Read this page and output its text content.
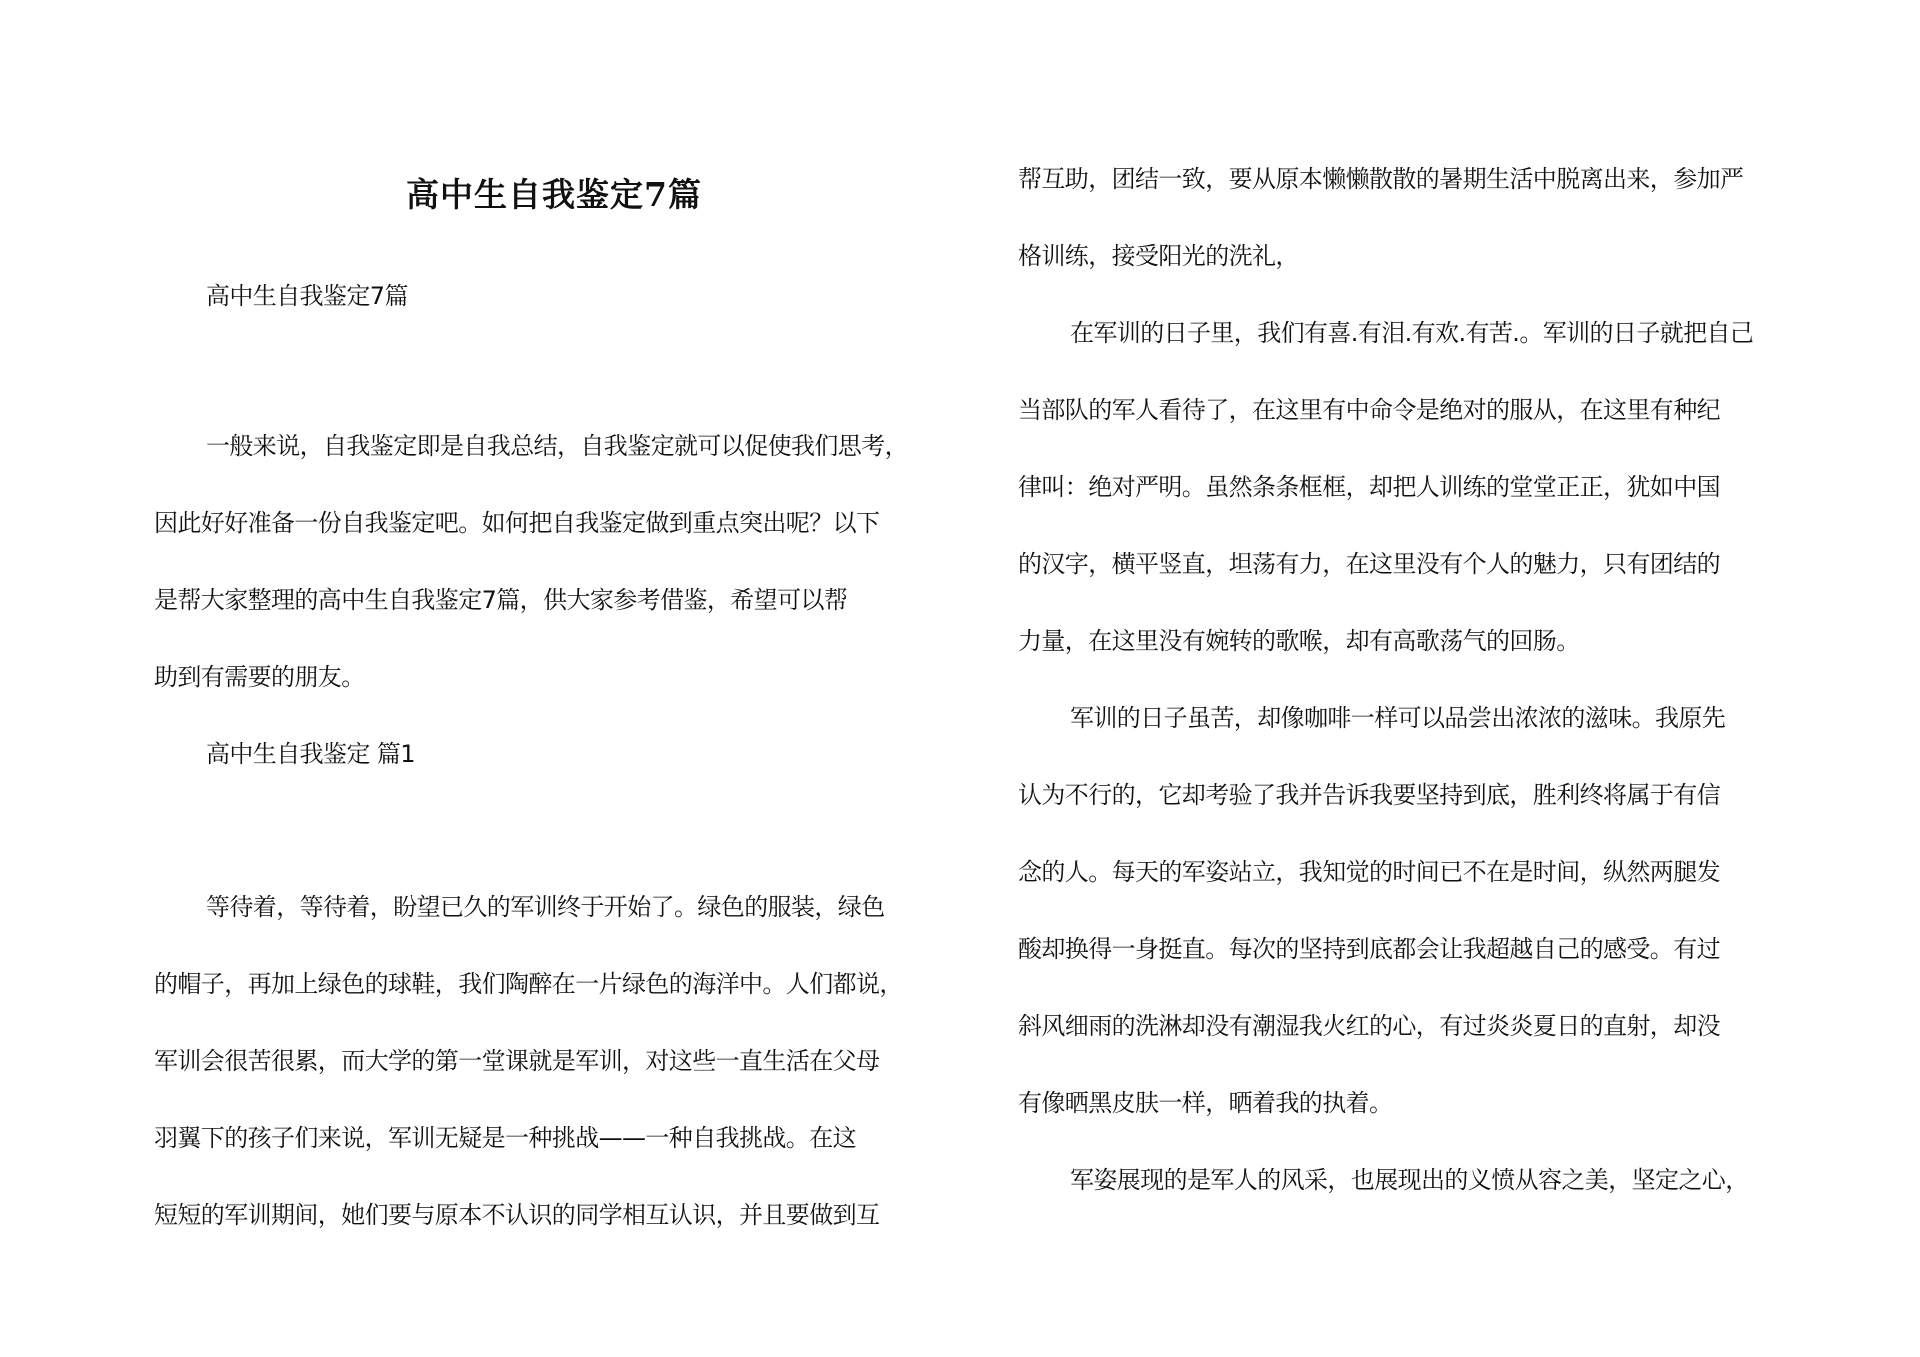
高中生自我鉴定7篇
高中生自我鉴定7篇
一般来说，自我鉴定即是自我总结，自我鉴定就可以促使我们思考，
因此好好准备一份自我鉴定吧。如何把自我鉴定做到重点突出呢？以下
是帮大家整理的高中生自我鉴定7篇，供大家参考借鉴，希望可以帮
助到有需要的朋友。
高中生自我鉴定 篇1
等待着，等待着，盼望已久的军训终于开始了。绿色的服装，绿色
的帽子，再加上绿色的球鞋，我们陶醉在一片绿色的海洋中。人们都说，
军训会很苦很累，而大学的第一堂课就是军训，对这些一直生活在父母
羽翼下的孩子们来说，军训无疑是一种挑战——一种自我挑战。在这
短短的军训期间，她们要与原本不认识的同学相互认识，并且要做到互
帮互助，团结一致，要从原本懒懒散散的暑期生活中脱离出来，参加严
格训练，接受阳光的洗礼，
在军训的日子里，我们有喜.有泪.有欢.有苦.。军训的日子就把自己
当部队的军人看待了，在这里有中命令是绝对的服从，在这里有种纪
律叫：绝对严明。虽然条条框框，却把人训练的堂堂正正，犹如中国
的汉字，横平竖直，坦荡有力，在这里没有个人的魅力，只有团结的
力量，在这里没有婉转的歌喉，却有高歌荡气的回肠。
军训的日子虽苦，却像咖啡一样可以品尝出浓浓的滋味。我原先
认为不行的，它却考验了我并告诉我要坚持到底，胜利终将属于有信
念的人。每天的军姿站立，我知觉的时间已不在是时间，纵然两腿发
酸却换得一身挺直。每次的坚持到底都会让我超越自己的感受。有过
斜风细雨的洗淋却没有潮湿我火红的心，有过炎炎夏日的直射，却没
有像晒黑皮肤一样，晒着我的执着。
军姿展现的是军人的风采，也展现出的义愤从容之美，坚定之心，
